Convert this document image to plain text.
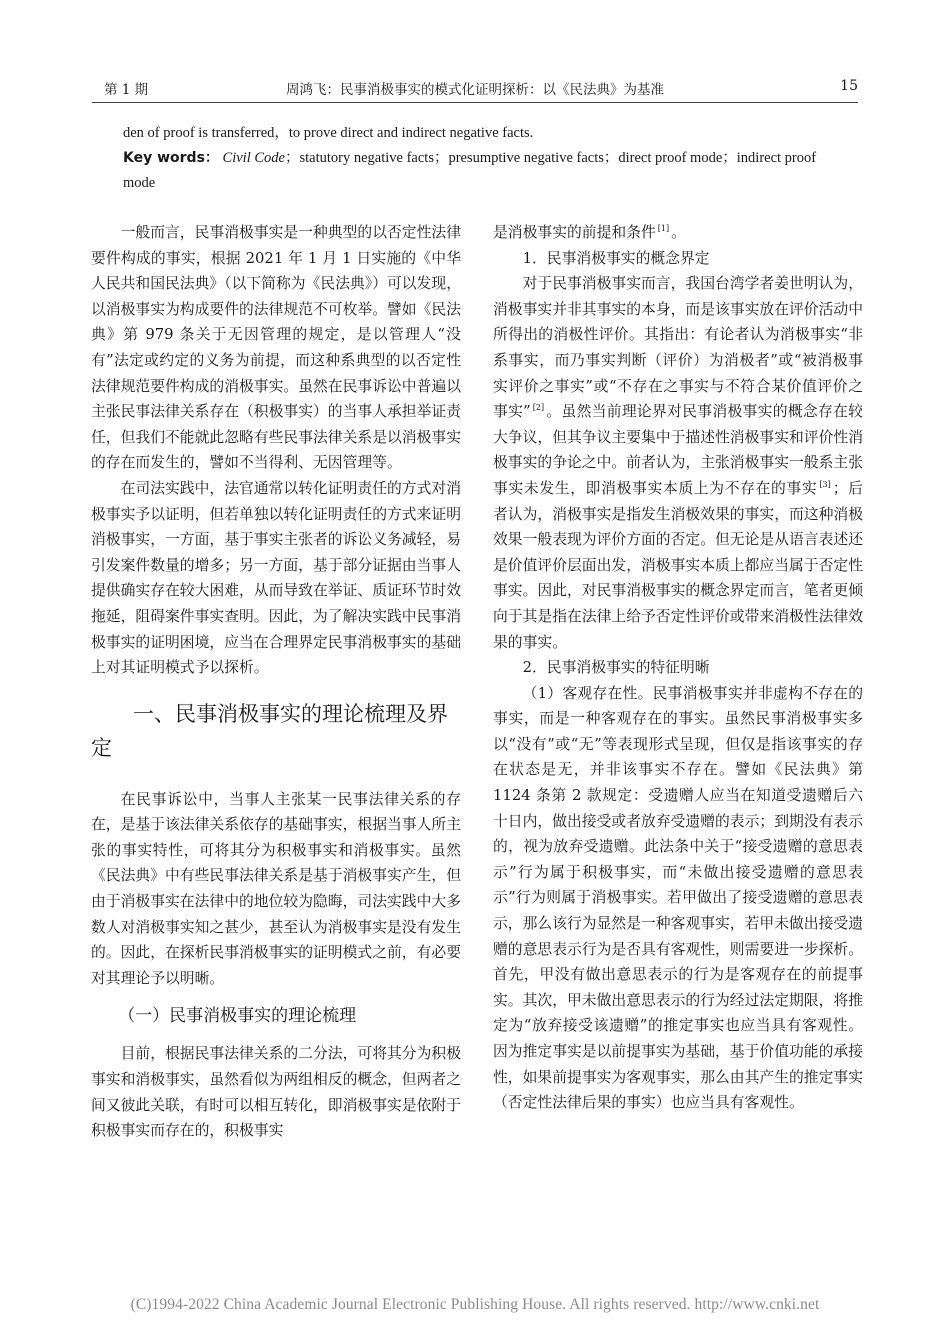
第 1 期	周鸿飞：民事消极事实的模式化证明探析：以《民法典》为基准	15
den of proof is transferred，to prove direct and indirect negative facts.
Key words： Civil Code；statutory negative facts；presumptive negative facts；direct proof mode；indirect proof mode

一般而言，民事消极事实是一种典型的以否定性法律要件构成的事实，根据 2021 年 1 月 1 日实施的《中华人民共和国民法典》（以下简称为《民法典》）可以发现，以消极事实为构成要件的法律规范不可枚举。譬如《民法典》第 979 条关于无因管理的规定，是以管理人“没有”法定或约定的义务为前提，而这种系典型的以否定性法律规范要件构成的消极事实。虽然在民事诉讼中普遍以主张民事法律关系存在（积极事实）的当事人承担举证责任，但我们不能就此忽略有些民事法律关系是以消极事实的存在而发生的，譬如不当得利、无因管理等。

在司法实践中，法官通常以转化证明责任的方式对消极事实予以证明，但若单独以转化证明责任的方式来证明消极事实，一方面，基于事实主张者的诉讼义务减轻，易引发案件数量的增多；另一方面，基于部分证据由当事人提供确实存在较大困难，从而导致在举证、质证环节时效拖延，阻碍案件事实查明。因此，为了解决实践中民事消极事实的证明困境，应当在合理界定民事消极事实的基础上对其证明模式予以探析。

一、民事消极事实的理论梳理及界定

在民事诉讼中，当事人主张某一民事法律关系的存在，是基于该法律关系依存的基础事实，根据当事人所主张的事实特性，可将其分为积极事实和消极事实。虽然《民法典》中有些民事法律关系是基于消极事实产生，但由于消极事实在法律中的地位较为隐晦，司法实践中大多数人对消极事实知之甚少，甚至认为消极事实是没有发生的。因此，在探析民事消极事实的证明模式之前，有必要对其理论予以明晰。

（一）民事消极事实的理论梳理

目前，根据民事法律关系的二分法，可将其分为积极事实和消极事实，虽然看似为两组相反的概念，但两者之间又彼此关联，有时可以相互转化，即消极事实是依附于积极事实而存在的，积极事实

是消极事实的前提和条件 [1] 。

1．民事消极事实的概念界定

对于民事消极事实而言，我国台湾学者姜世明认为，消极事实并非其事实的本身，而是该事实放在评价活动中所得出的消极性评价。其指出：有论者认为消极事实“非系事实，而乃事实判断（评价）为消极者”或“被消极事实评价之事实”或“不存在之事实与不符合某价值评价之事实” [2] 。虽然当前理论界对民事消极事实的概念存在较大争议，但其争议主要集中于描述性消极事实和评价性消极事实的争论之中。前者认为，主张消极事实一般系主张事实未发生，即消极事实本质上为不存在的事实 [3] ；后者认为，消极事实是指发生消极效果的事实，而这种消极效果一般表现为评价方面的否定。但无论是从语言表述还是价值评价层面出发，消极事实本质上都应当属于否定性事实。因此，对民事消极事实的概念界定而言，笔者更倾向于其是指在法律上给予否定性评价或带来消极性法律效果的事实。

2．民事消极事实的特征明晰

（1）客观存在性。民事消极事实并非虚构不存在的事实，而是一种客观存在的事实。虽然民事消极事实多以“没有”或“无”等表现形式呈现，但仅是指该事实的存在状态是无，并非该事实不存在。譬如《民法典》第 1124 条第 2 款规定：受遗赠人应当在知道受遗赠后六十日内，做出接受或者放弃受遗赠的表示；到期没有表示的，视为放弃受遗赠。此法条中关于“接受遗赠的意思表示”行为属于积极事实，而“未做出接受遗赠的意思表示”行为则属于消极事实。若甲做出了接受遗赠的意思表示，那么该行为显然是一种客观事实，若甲未做出接受遗赠的意思表示行为是否具有客观性，则需要进一步探析。首先，甲没有做出意思表示的行为是客观存在的前提事实。其次，甲未做出意思表示的行为经过法定期限，将推定为“放弃接受该遗赠”的推定事实也应当具有客观性。因为推定事实是以前提事实为基础，基于价值功能的承接性，如果前提事实为客观事实，那么由其产生的推定事实（否定性法律后果的事实）也应当具有客观性。

(C)1994-2022 China Academic Journal Electronic Publishing House. All rights reserved. http://www.cnki.net
